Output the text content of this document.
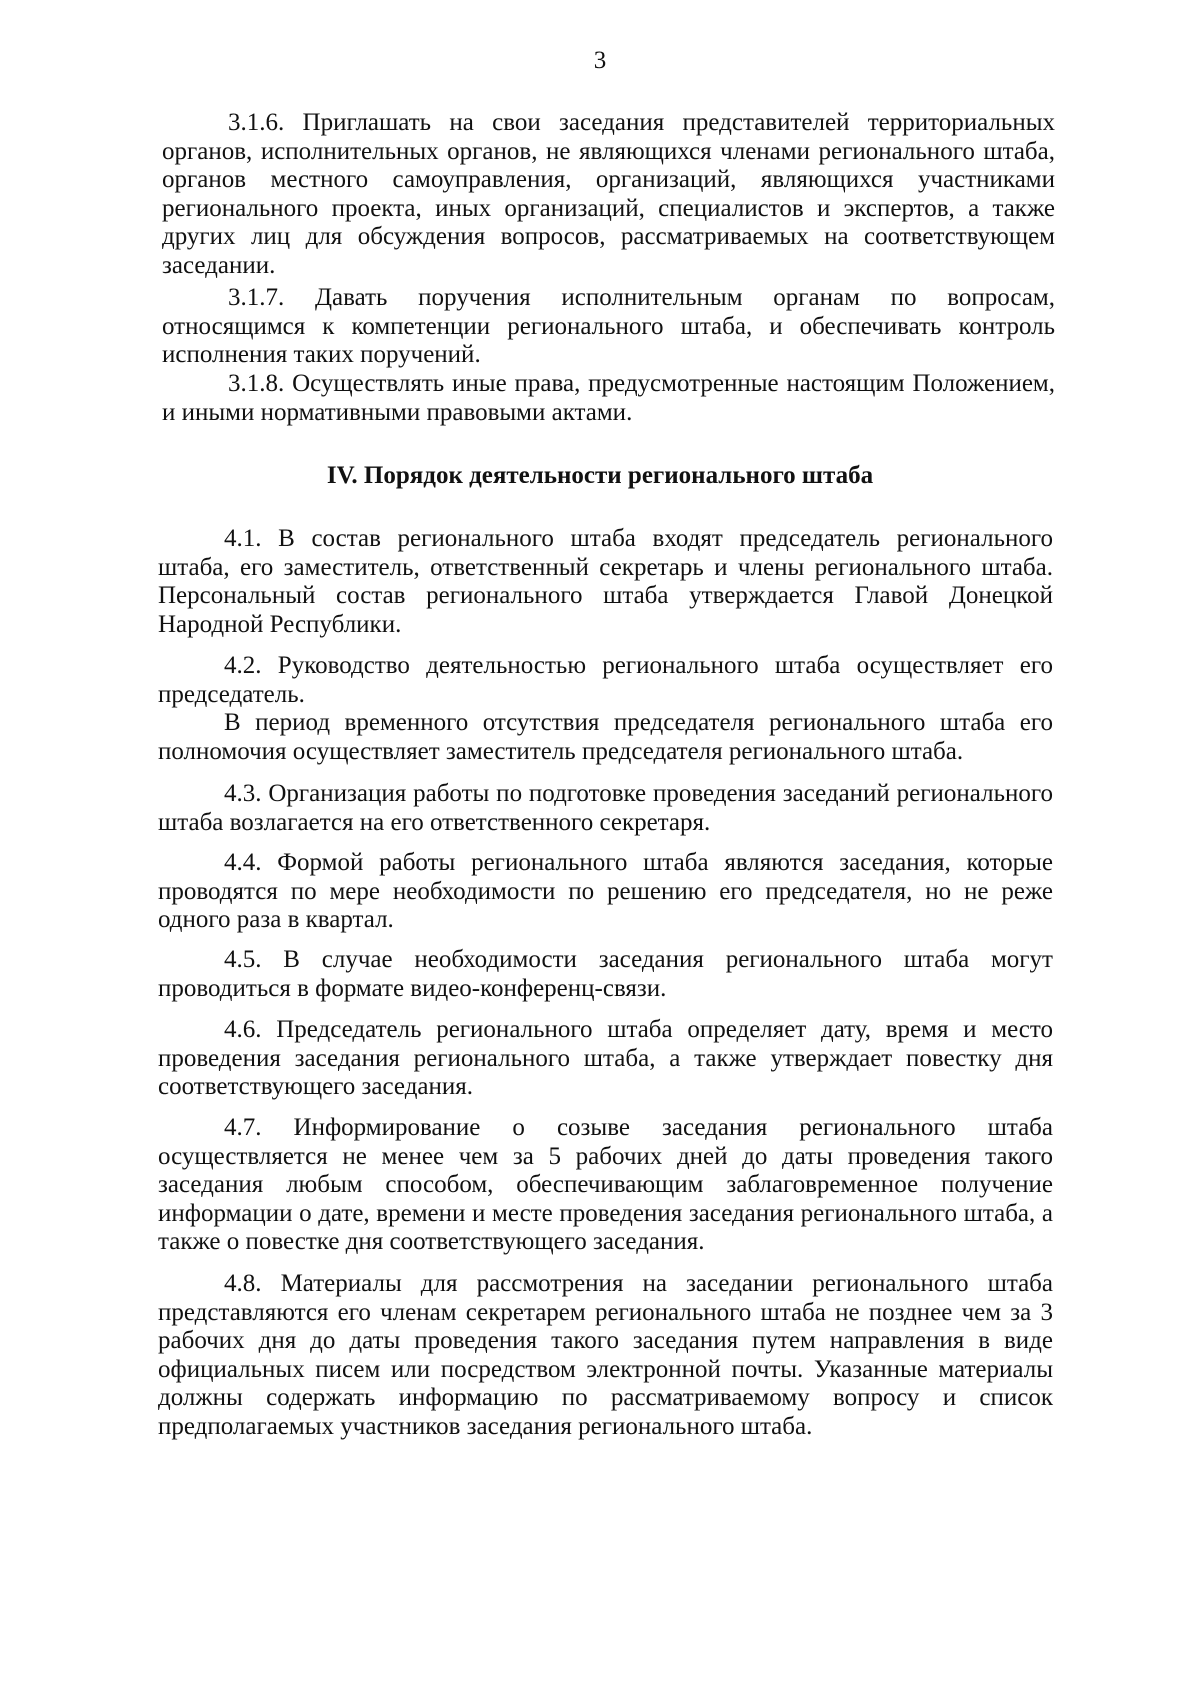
3

3.1.6. Приглашать на свои заседания представителей территориальных органов, исполнительных органов, не являющихся членами регионального штаба, органов местного самоуправления, организаций, являющихся участниками регионального проекта, иных организаций, специалистов и экспертов, а также других лиц для обсуждения вопросов, рассматриваемых на соответствующем заседании.

3.1.7. Давать поручения исполнительным органам по вопросам, относящимся к компетенции регионального штаба, и обеспечивать контроль исполнения таких поручений.

3.1.8. Осуществлять иные права, предусмотренные настоящим Положением, и иными нормативными правовыми актами.

IV. Порядок деятельности регионального штаба

4.1. В состав регионального штаба входят председатель регионального штаба, его заместитель, ответственный секретарь и члены регионального штаба. Персональный состав регионального штаба утверждается Главой Донецкой Народной Республики.

4.2. Руководство деятельностью регионального штаба осуществляет его председатель.

В период временного отсутствия председателя регионального штаба его полномочия осуществляет заместитель председателя регионального штаба.

4.3. Организация работы по подготовке проведения заседаний регионального штаба возлагается на его ответственного секретаря.

4.4. Формой работы регионального штаба являются заседания, которые проводятся по мере необходимости по решению его председателя, но не реже одного раза в квартал.

4.5. В случае необходимости заседания регионального штаба могут проводиться в формате видео-конференц-связи.

4.6. Председатель регионального штаба определяет дату, время и место проведения заседания регионального штаба, а также утверждает повестку дня соответствующего заседания.

4.7. Информирование о созыве заседания регионального штаба осуществляется не менее чем за 5 рабочих дней до даты проведения такого заседания любым способом, обеспечивающим заблаговременное получение информации о дате, времени и месте проведения заседания регионального штаба, а также о повестке дня соответствующего заседания.

4.8. Материалы для рассмотрения на заседании регионального штаба представляются его членам секретарем регионального штаба не позднее чем за 3 рабочих дня до даты проведения такого заседания путем направления в виде официальных писем или посредством электронной почты. Указанные материалы должны содержать информацию по рассматриваемому вопросу и список предполагаемых участников заседания регионального штаба.
